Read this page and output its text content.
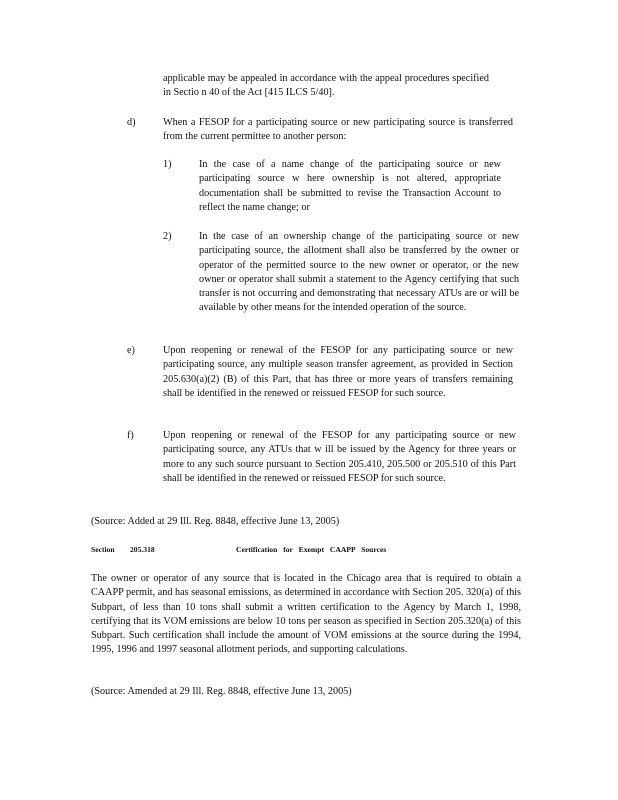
applicable may be appealed in accordance with the appeal procedures specified in Sectio n 40 of the Act [415 ILCS 5/40].
d)	When a FESOP for a participating source or new participating source is transferred from the current permittee to another person:
1)	In the case of a name change of the participating source or new participating source w here ownership is not altered, appropriate documentation shall be submitted to revise the Transaction Account to reflect the name change; or
2)	In the case of an ownership change of the participating source or new participating source, the allotment shall also be transferred by the owner or operator of the permitted source to the new owner or operator, or the new owner or operator shall submit a statement to the Agency certifying that such transfer is not occurring and demonstrating that necessary ATUs are or will be available by other means for the intended operation of the source.
e)	Upon reopening or renewal of the FESOP for any participating source or new participating source, any multiple season transfer agreement, as provided in Section 205.630(a)(2) (B) of this Part, that has three or more years of transfers remaining shall be identified in the renewed or reissued FESOP for such source.
f)	Upon reopening or renewal of the FESOP for any participating source or new participating source, any ATUs that w ill be issued by the Agency for three years or more to any such source pursuant to Section 205.410, 205.500 or 205.510 of this Part shall be identified in the renewed or reissued FESOP for such source.
(Source: Added at 29 Ill. Reg. 8848, effective June 13, 2005)
Section 205.318	Certification for Exempt CAAPP Sources
The owner or operator of any source that is located in the Chicago area that is required to obtain a CAAPP permit, and has seasonal emissions, as determined in accordance with Section 205. 320(a) of this Subpart, of less than 10 tons shall submit a written certification to the Agency by March 1, 1998, certifying that its VOM emissions are below 10 tons per season as specified in Section 205.320(a) of this Subpart. Such certification shall include the amount of VOM emissions at the source during the 1994, 1995, 1996 and 1997 seasonal allotment periods, and supporting calculations.
(Source: Amended at 29 Ill. Reg. 8848, effective June 13, 2005)
